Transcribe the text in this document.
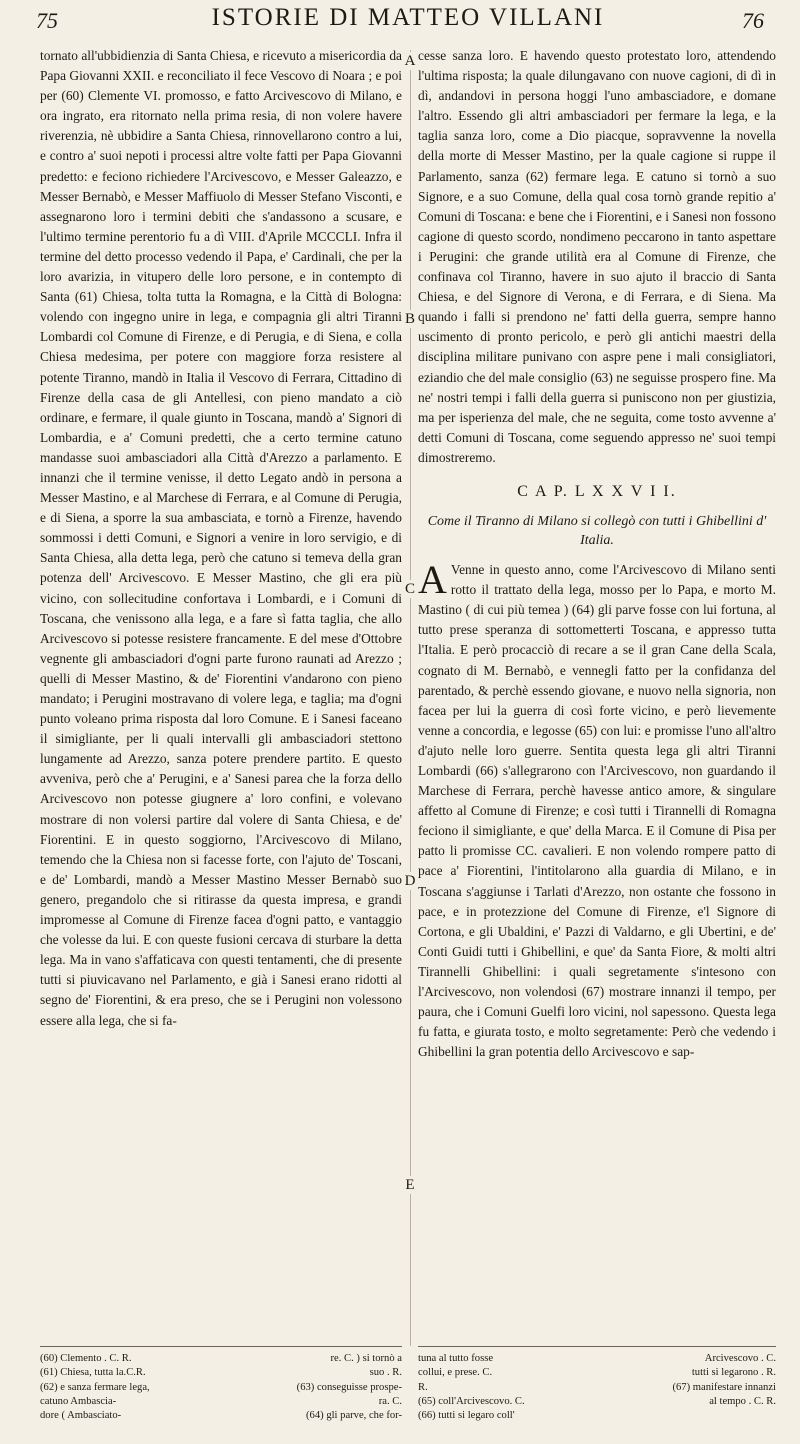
75	ISTORIE DI MATTEO VILLANI	76

tornato all'ubbidienzia di Santa Chiesa, e ricevuto a misericordia da Papa Giovanni XXII. e reconciliato il fece Vescovo di Noara ; e poi per (60) Clemente VI. promosso, e fatto Arcivescovo di Milano, e ora ingrato, era ritornato nella prima resia, di non volere havere riverenzia, nè ubbidire a Santa Chiesa, rinnovellarono contro a lui, e contro a' suoi nepoti i processi altre volte fatti per Papa Giovanni predetto: e feciono richiedere l'Arcivescovo, e Messer Galeazzo, e Messer Bernabò, e Messer Maffiuolo di Messer Stefano Visconti, e assegnarono loro i termini debiti che s'andassono a scusare, e l'ultimo termine perentorio fu a dì VIII. d'Aprile MCCCLI. Infra il termine del detto processo vedendo il Papa, e' Cardinali, che per la loro avarizia, in vitupero delle loro persone, e in contempto di Santa (61) Chiesa, tolta tutta la Romagna, e la Città di Bologna: volendo con ingegno unire in lega, e compagnia gli altri Tiranni Lombardi col Comune di Firenze, e di Perugia, e di Siena, e colla Chiesa medesima, per potere con maggiore forza resistere al potente Tiranno, mandò in Italia il Vescovo di Ferrara, Cittadino di Firenze della casa de gli Antellesi, con pieno mandato a ciò ordinare, e fermare, il quale giunto in Toscana, mandò a' Signori di Lombardia, e a' Comuni predetti, che a certo termine catuno mandasse suoi ambasciadori alla Città d'Arezzo a parlamento. E innanzi che il termine venisse, il detto Legato andò in persona a Messer Mastino, e al Marchese di Ferrara, e al Comune di Perugia, e di Siena, a sporre la sua ambasciata, e tornò a Firenze, havendo sommossi i detti Comuni, e Signori a venire in loro servigio, e di Santa Chiesa, alla detta lega, però che catuno si temeva della gran potenza dell' Arcivescovo. E Messer Mastino, che gli era più vicino, con sollecitudine confortava i Lombardi, e i Comuni di Toscana, che venissono alla lega, e a fare sì fatta taglia, che allo Arcivescovo si potesse resistere francamente. E del mese d'Ottobre vegnente gli ambasciadori d'ogni parte furono raunati ad Arezzo ; quelli di Messer Mastino, & de' Fiorentini v'andarono con pieno mandato; i Perugini mostravano di volere lega, e taglia; ma d'ogni punto voleano prima risposta dal loro Comune. E i Sanesi faceano il simigliante, per li quali intervalli gli ambasciadori stettono lungamente ad Arezzo, sanza potere prendere partito. E questo avveniva, però che a' Perugini, e a' Sanesi parea che la forza dello Arcivescovo non potesse giugnere a' loro confini, e volevano mostrare di non volersi partire dal volere di Santa Chiesa, e de' Fiorentini. E in questo soggiorno, l'Arcivescovo di Milano, temendo che la Chiesa non si facesse forte, con l'ajuto de' Toscani, e de' Lombardi, mandò a Messer Mastino Messer Bernabò suo genero, pregandolo che si ritirasse da questa impresa, e grandi impromesse al Comune di Firenze facea d'ogni patto, e vantaggio che volesse da lui. E con queste fusioni cercava di sturbare la detta lega. Ma in vano s'affaticava con questi tentamenti, che di presente tutti si piuvicavano nel Parlamento, e già i Sanesi erano ridotti al segno de' Fiorentini, & era preso, che se i Perugini non volessono essere alla lega, che si fa-

A
B
C
D
E

cesse sanza loro. E havendo questo protestato loro, attendendo l'ultima risposta; la quale dilungavano con nuove cagioni, di dì in dì, andandovi in persona hoggi l'uno ambasciadore, e domane l'altro. Essendo gli altri ambasciadori per fermare la lega, e la taglia sanza loro, come a Dio piacque, sopravvenne la novella della morte di Messer Mastino, per la quale cagione si ruppe il Parlamento, sanza (62) fermare lega. E catuno si tornò a suo Signore, e a suo Comune, della qual cosa tornò grande repitio a' Comuni di Toscana: e bene che i Fiorentini, e i Sanesi non fossono cagione di questo scordo, nondimeno peccarono in tanto aspettare i Perugini: che grande utilità era al Comune di Firenze, che confinava col Tiranno, havere in suo ajuto il braccio di Santa Chiesa, e del Signore di Verona, e di Ferrara, e di Siena. Ma quando i falli si prendono ne' fatti della guerra, sempre hanno uscimento di pronto pericolo, e però gli antichi maestri della disciplina militare punivano con aspre pene i mali consigliatori, eziandio che del male consiglio (63) ne seguisse prospero fine. Ma ne' nostri tempi i falli della guerra si puniscono non per giustizia, ma per isperienza del male, che ne seguita, come tosto avvenne a' detti Comuni di Toscana, come seguendo appresso ne' suoi tempi dimostreremo.

C A P. L X X V I I.
Come il Tiranno di Milano si collegò con tutti i Ghibellini d' Italia.

A Venne in questo anno, come l'Arcivescovo di Milano senti rotto il trattato della lega, mosso per lo Papa, e morto M. Mastino ( di cui più temea ) (64) gli parve fosse con lui fortuna, al tutto prese speranza di sottometterti Toscana, e appresso tutta l'Italia. E però procacciò di recare a se il gran Cane della Scala, cognato di M. Bernabò, e vennegli fatto per la confidanza del parentado, & perchè essendo giovane, e nuovo nella signoria, non facea per lui la guerra di così forte vicino, e però lievemente venne a concordia, e legosse (65) con lui: e promisse l'uno all'altro d'ajuto nelle loro guerre. Sentita questa lega gli altri Tiranni Lombardi (66) s'allegrarono con l'Arcivescovo, non guardando il Marchese di Ferrara, perchè havesse antico amore, & singulare affetto al Comune di Firenze; e così tutti i Tirannelli di Romagna feciono il simigliante, e que' della Marca. E il Comune di Pisa per patto li promisse CC. cavalieri. E non volendo rompere patto di pace a' Fiorentini, l'intitolarono alla guardia di Milano, e in Toscana s'aggiunse i Tarlati d'Arezzo, non ostante che fossono in pace, e in protezzione del Comune di Firenze, e'l Signore di Cortona, e gli Ubaldini, e' Pazzi di Valdarno, e gli Ubertini, e de' Conti Guidi tutti i Ghibellini, e que' da Santa Fiore, & molti altri Tirannelli Ghibellini: i quali segretamente s'intesono con l'Arcivescovo, non volendosi (67) mostrare innanzi il tempo, per paura, che i Comuni Guelfi loro vicini, nol sapessono. Questa lega fu fatta, e giurata tosto, e molto segretamente: Però che vedendo i Ghibellini la gran potentia dello Arcivescovo e sap-

(60) Clemento . C. R.	re. C. ) si tornò a
(61) Chiesa, tutta la.C.R.	suo . R.
(62) e sanza fermare lega,	(63) conseguisse prospe-
catuno Ambascia-	ra. C.
dore ( Ambasciato-	(64) gli parve, che for-
tuna al tutto fosse	Arcivescovo . C.
collui, e prese. C.	tutti si legarono . R.
R.	(67) manifestare innanzi
(65) coll'Arcivescovo. C.	al tempo . C. R.
(66) tutti si legaro coll'
